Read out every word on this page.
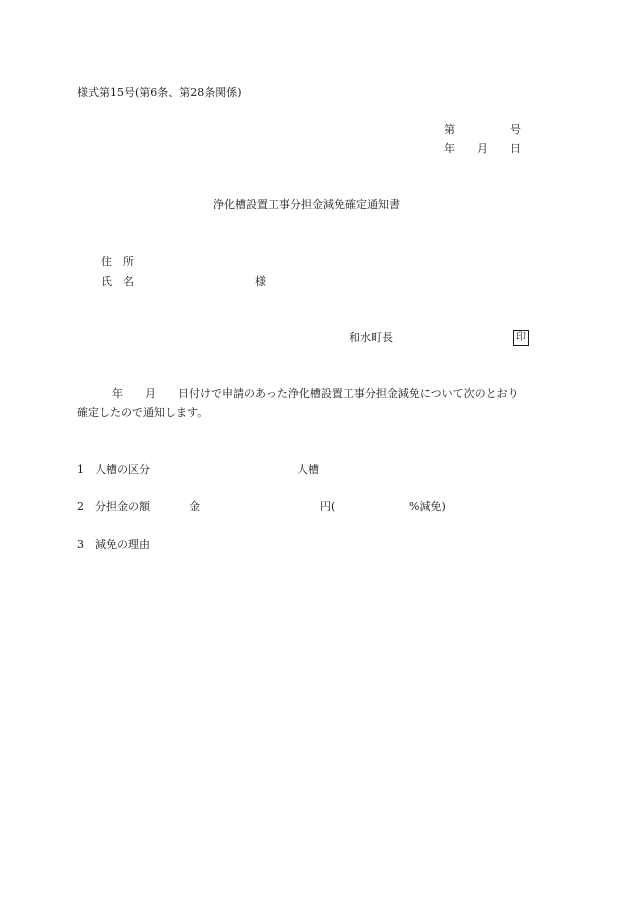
様式第15号(第6条、第28条関係)
第　　　　　号
年　　月　　日
浄化槽設置工事分担金減免確定通知書
住　所
氏　名	様
和水町長	印
年　　月　　日付けで申請のあった浄化槽設置工事分担金減免について次のとおり
確定したので通知します。
1 人槽の区分	人槽
2 分担金の額	金	円(	%減免)
3 減免の理由
